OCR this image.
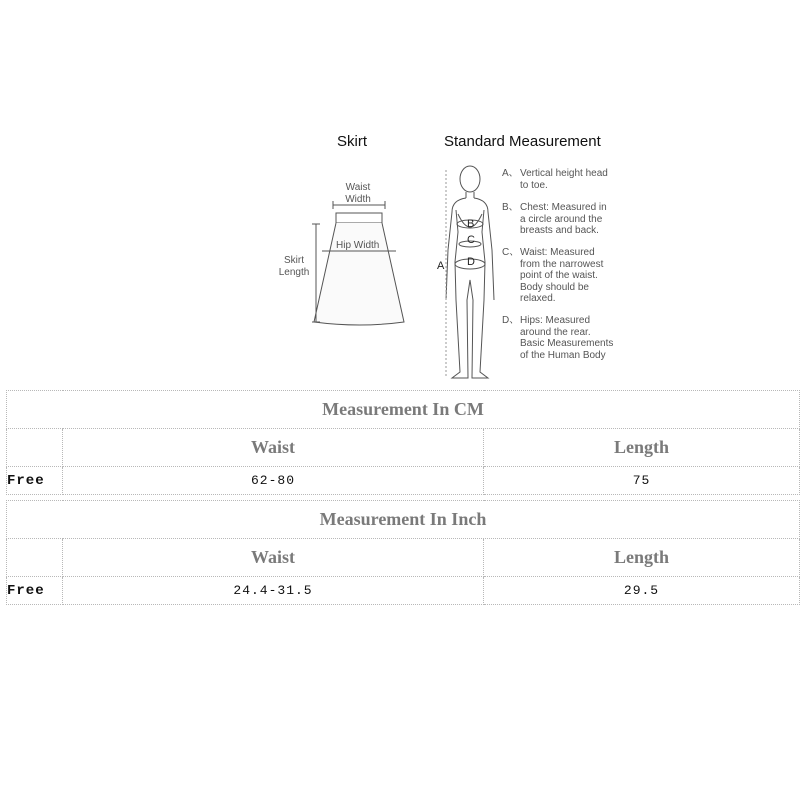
Skirt	Standard Measurement
Waist
Width
Hip Width
Skirt
Length	A
B
C
D
A、 Vertical height head
to toe.
B、 Chest: Measured in
a circle around the
breasts and back.
C、 Waist: Measured
from the narrowest
point of the waist.
Body should be
relaxed.
D、 Hips: Measured
around the rear.
Basic Measurements
of the Human Body
Measurement In CM		
	Waist	Length
Free	62-80	75
Measurement In Inch		
	Waist	Length
Free	24.4-31.5	29.5
